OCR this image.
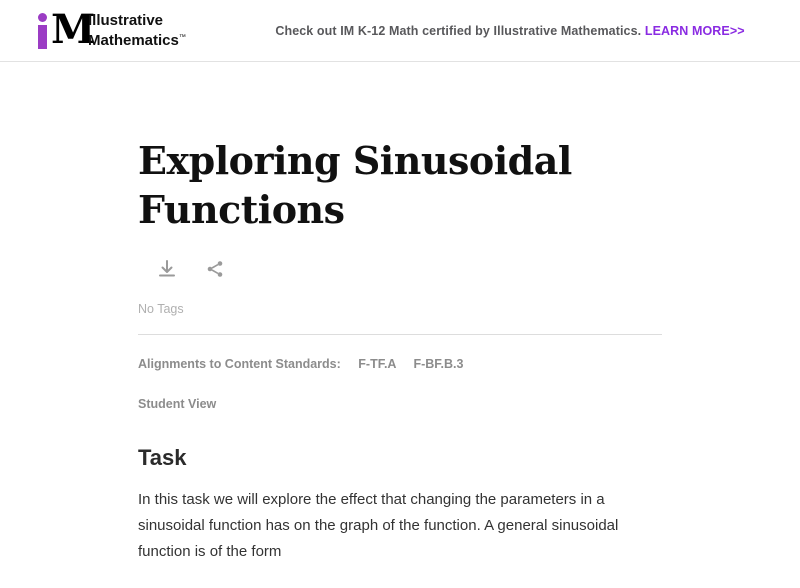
M
Illustrative
Mathematics™	Check out IM K-12 Math certified by Illustrative Mathematics. LEARN MORE>>
Exploring Sinusoidal Functions
No Tags
Alignments to Content Standards: F-TF.A F-BF.B.3
Student View
Task

In this task we will explore the effect that changing the parameters in a sinusoidal function has on the graph of the function. A general sinusoidal function is of the form
